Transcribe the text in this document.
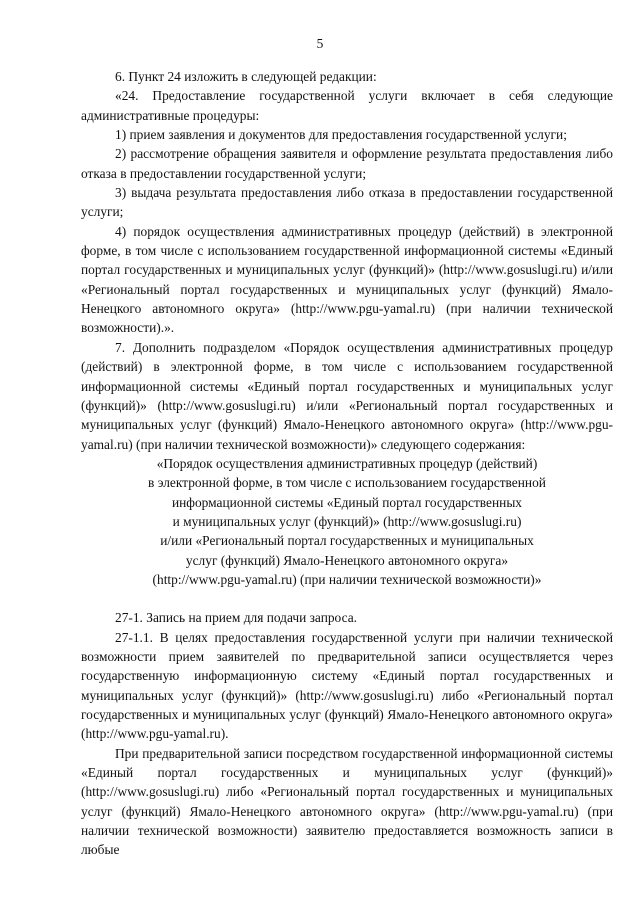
5

6. Пункт 24 изложить в следующей редакции:

«24. Предоставление государственной услуги включает в себя следующие административные процедуры:

1) прием заявления и документов для предоставления государственной услуги;

2) рассмотрение обращения заявителя и оформление результата предоставления либо отказа в предоставлении государственной услуги;

3) выдача результата предоставления либо отказа в предоставлении государственной услуги;

4) порядок осуществления административных процедур (действий) в электронной форме, в том числе с использованием государственной информационной системы «Единый портал государственных и муниципальных услуг (функций)» (http://www.gosuslugi.ru) и/или «Региональный портал государственных и муниципальных услуг (функций) Ямало-Ненецкого автономного округа» (http://www.pgu-yamal.ru) (при наличии технической возможности).».

7. Дополнить подразделом «Порядок осуществления административных процедур (действий) в электронной форме, в том числе с использованием государственной информационной системы «Единый портал государственных и муниципальных услуг (функций)» (http://www.gosuslugi.ru) и/или «Региональный портал государственных и муниципальных услуг (функций) Ямало-Ненецкого автономного округа» (http://www.pgu-yamal.ru) (при наличии технической возможности)» следующего содержания:

«Порядок осуществления административных процедур (действий)

в электронной форме, в том числе с использованием государственной

информационной системы «Единый портал государственных

и муниципальных услуг (функций)» (http://www.gosuslugi.ru)

и/или «Региональный портал государственных и муниципальных

услуг (функций) Ямало-Ненецкого автономного округа»

(http://www.pgu-yamal.ru) (при наличии технической возможности)»

27-1. Запись на прием для подачи запроса.

27-1.1. В целях предоставления государственной услуги при наличии технической возможности прием заявителей по предварительной записи осуществляется через государственную информационную систему «Единый портал государственных и муниципальных услуг (функций)» (http://www.gosuslugi.ru) либо «Региональный портал государственных и муниципальных услуг (функций) Ямало-Ненецкого автономного округа» (http://www.pgu-yamal.ru).

При предварительной записи посредством государственной информационной системы «Единый портал государственных и муниципальных услуг (функций)» (http://www.gosuslugi.ru) либо «Региональный портал государственных и муниципальных услуг (функций) Ямало-Ненецкого автономного округа» (http://www.pgu-yamal.ru) (при наличии технической возможности) заявителю предоставляется возможность записи в любые
